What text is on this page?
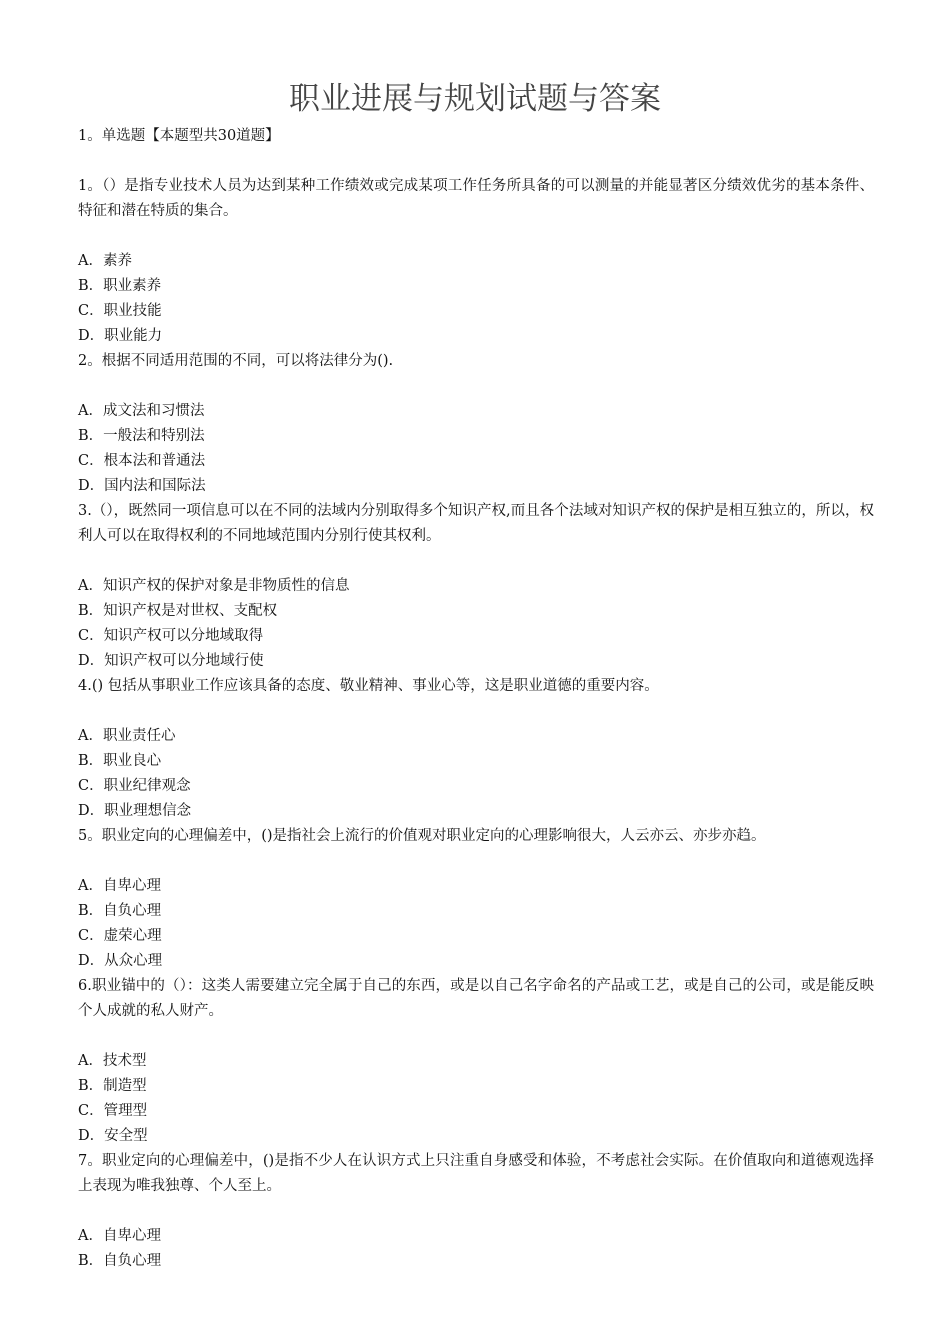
职业进展与规划试题与答案

1。单选题【本题型共30道题】

1。（）是指专业技术人员为达到某种工作绩效或完成某项工作任务所具备的可以测量的并能显著区分绩效优劣的基本条件、特征和潜在特质的集合。

A．素养

B．职业素养

C．职业技能

D．职业能力

2。根据不同适用范围的不同，可以将法律分为().

A．成文法和习惯法

B．一般法和特别法

C．根本法和普通法

D．国内法和国际法

3.（），既然同一项信息可以在不同的法域内分别取得多个知识产权,而且各个法域对知识产权的保护是相互独立的，所以，权利人可以在取得权利的不同地域范围内分别行使其权利。

A．知识产权的保护对象是非物质性的信息

B．知识产权是对世权、支配权

C．知识产权可以分地域取得

D．知识产权可以分地域行使

4.() 包括从事职业工作应该具备的态度、敬业精神、事业心等，这是职业道德的重要内容。

A．职业责任心

B．职业良心

C．职业纪律观念

D．职业理想信念

5。职业定向的心理偏差中，()是指社会上流行的价值观对职业定向的心理影响很大，人云亦云、亦步亦趋。

A．自卑心理

B．自负心理

C．虚荣心理

D．从众心理

6.职业锚中的（）：这类人需要建立完全属于自己的东西，或是以自己名字命名的产品或工艺，或是自己的公司，或是能反映个人成就的私人财产。

A．技术型

B．制造型

C．管理型

D．安全型

7。职业定向的心理偏差中，()是指不少人在认识方式上只注重自身感受和体验，不考虑社会实际。在价值取向和道德观选择上表现为唯我独尊、个人至上。

A．自卑心理

B．自负心理
